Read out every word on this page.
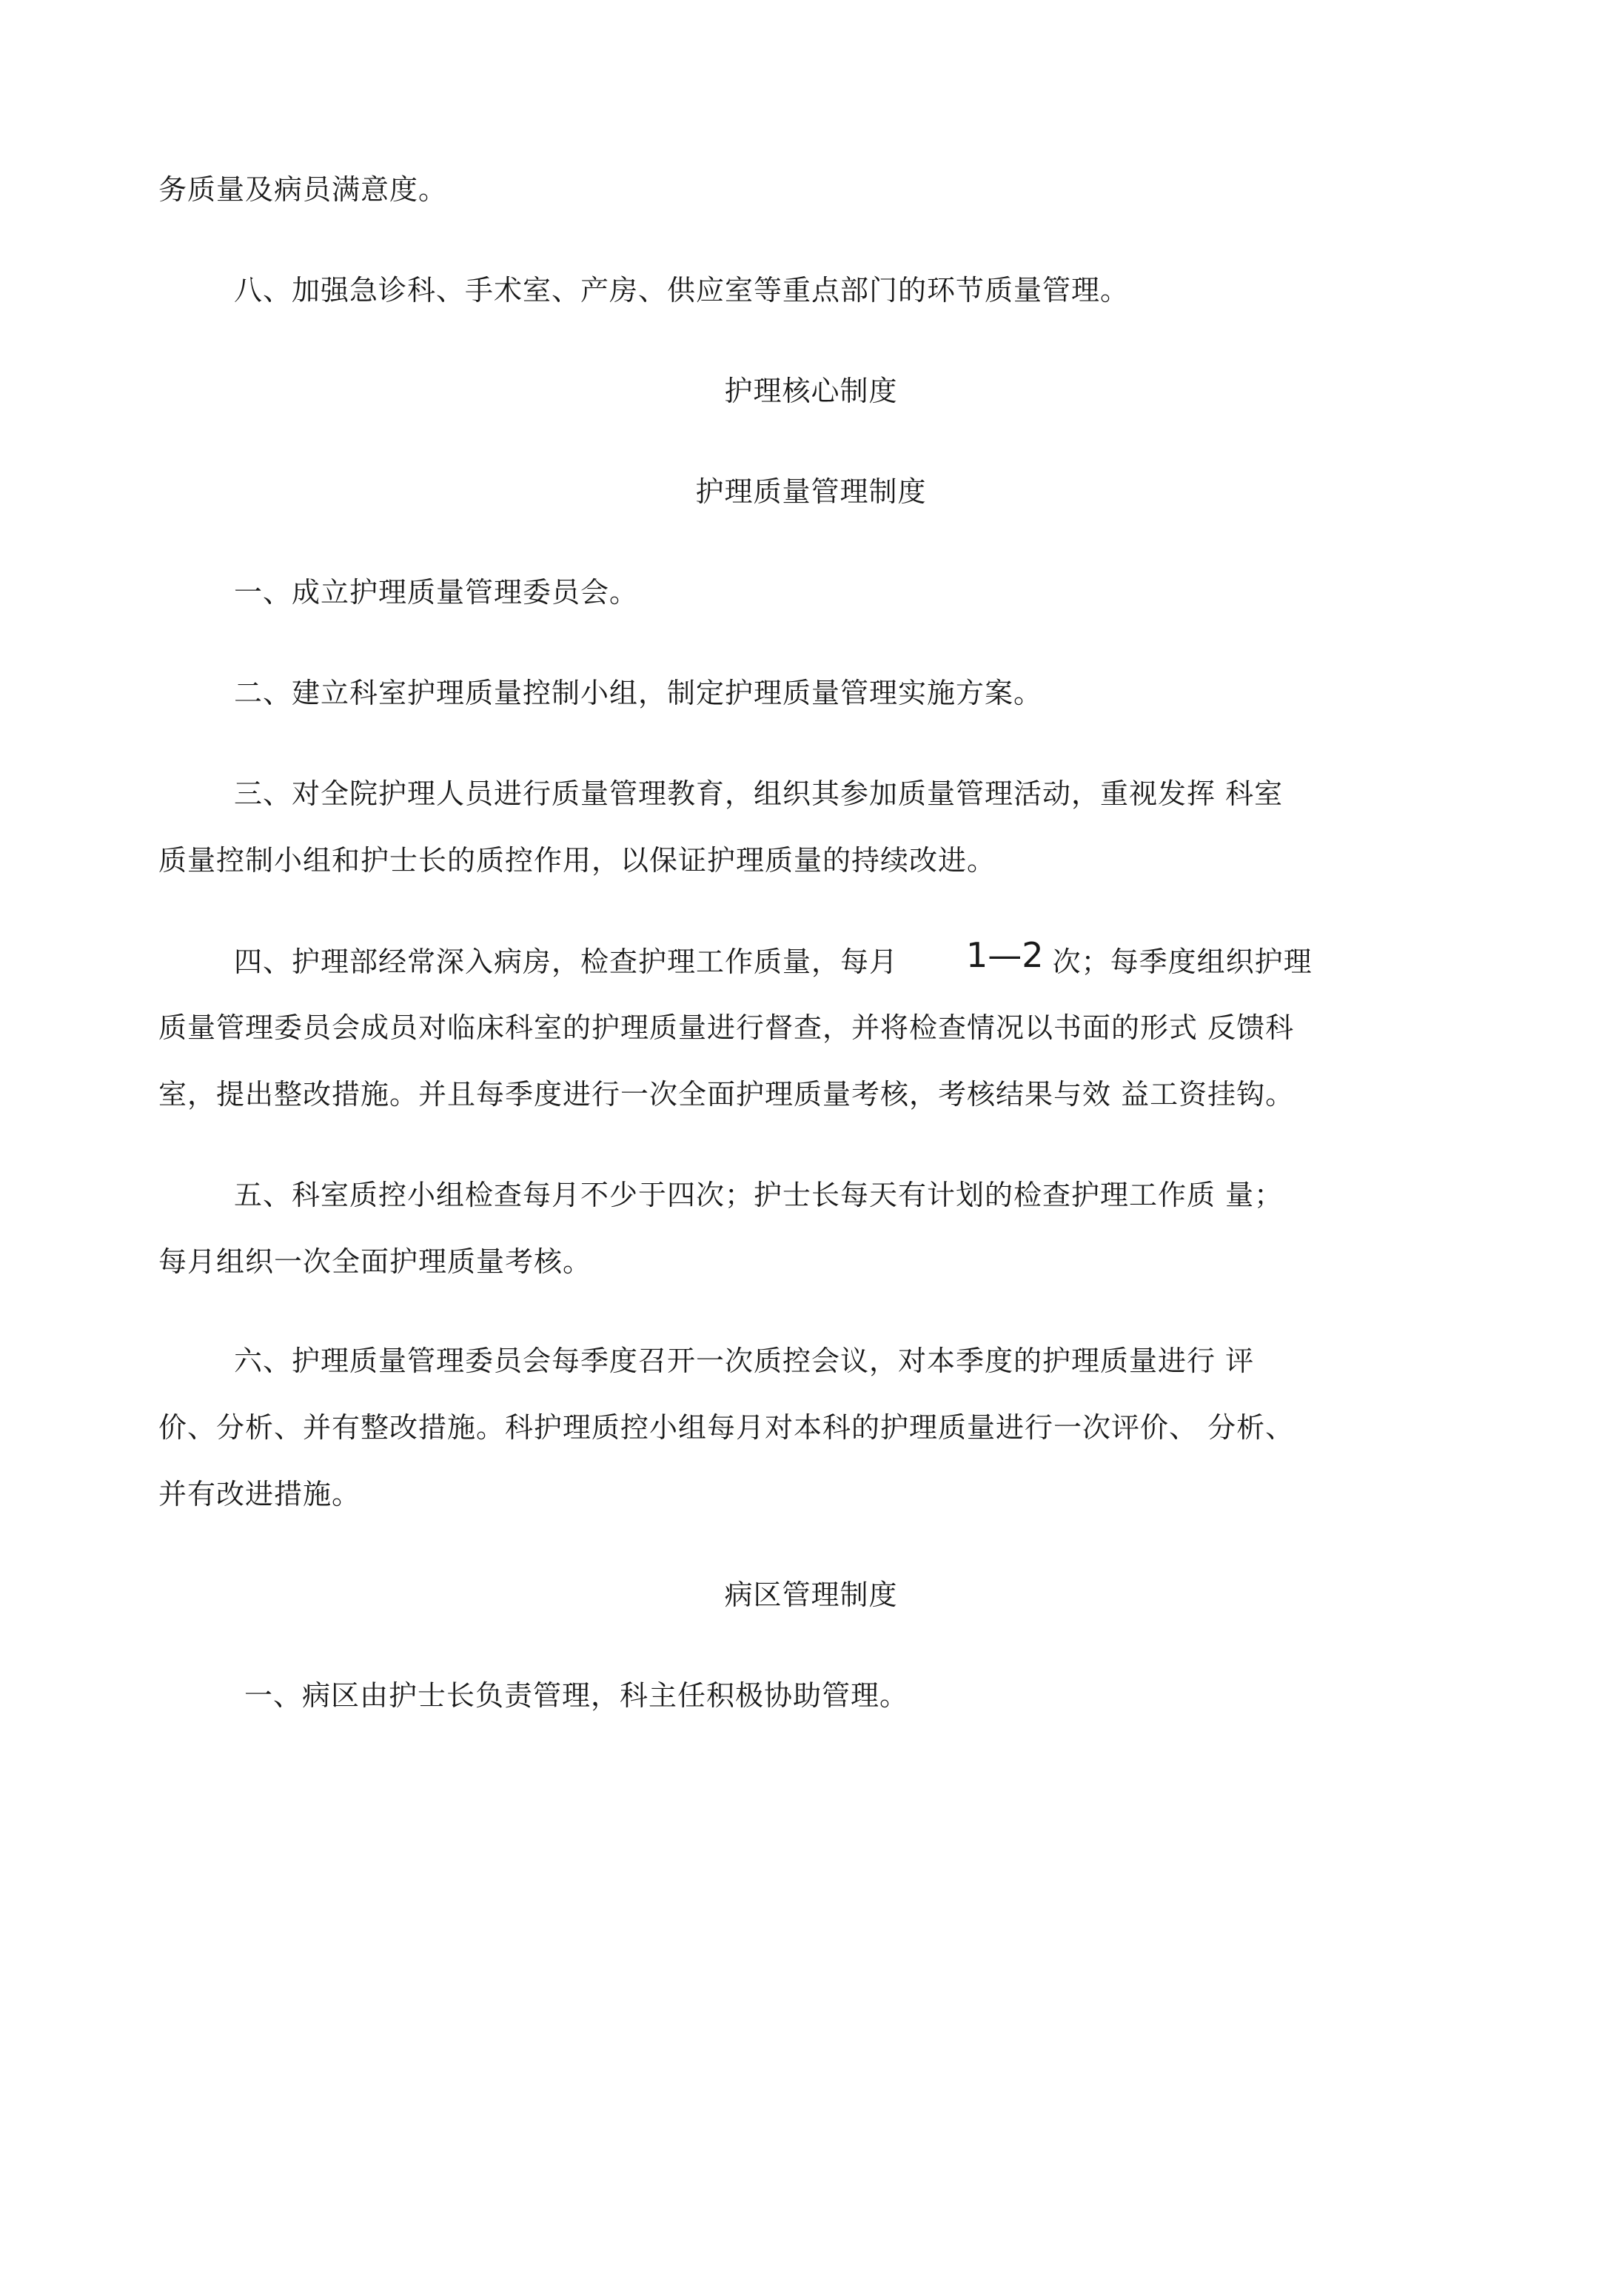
务质量及病员满意度。
八、加强急诊科、手术室、产房、供应室等重点部门的环节质量管理。
护理核心制度
护理质量管理制度
一、成立护理质量管理委员会。
二、建立科室护理质量控制小组，制定护理质量管理实施方案。
三、对全院护理人员进行质量管理教育，组织其参加质量管理活动，重视发挥 科室
质量控制小组和护士长的质控作用，以保证护理质量的持续改进。
四、护理部经常深入病房，检查护理工作质量，每月 1—2 次；每季度组织护理
质量管理委员会成员对临床科室的护理质量进行督查，并将检查情况以书面的形式 反馈科
室，提出整改措施。并且每季度进行一次全面护理质量考核，考核结果与效 益工资挂钩。
五、科室质控小组检查每月不少于四次；护士长每天有计划的检查护理工作质 量；
每月组织一次全面护理质量考核。
六、护理质量管理委员会每季度召开一次质控会议，对本季度的护理质量进行 评
价、分析、并有整改措施。科护理质控小组每月对本科的护理质量进行一次评价、 分析、
并有改进措施。
病区管理制度
一、病区由护士长负责管理，科主任积极协助管理。
